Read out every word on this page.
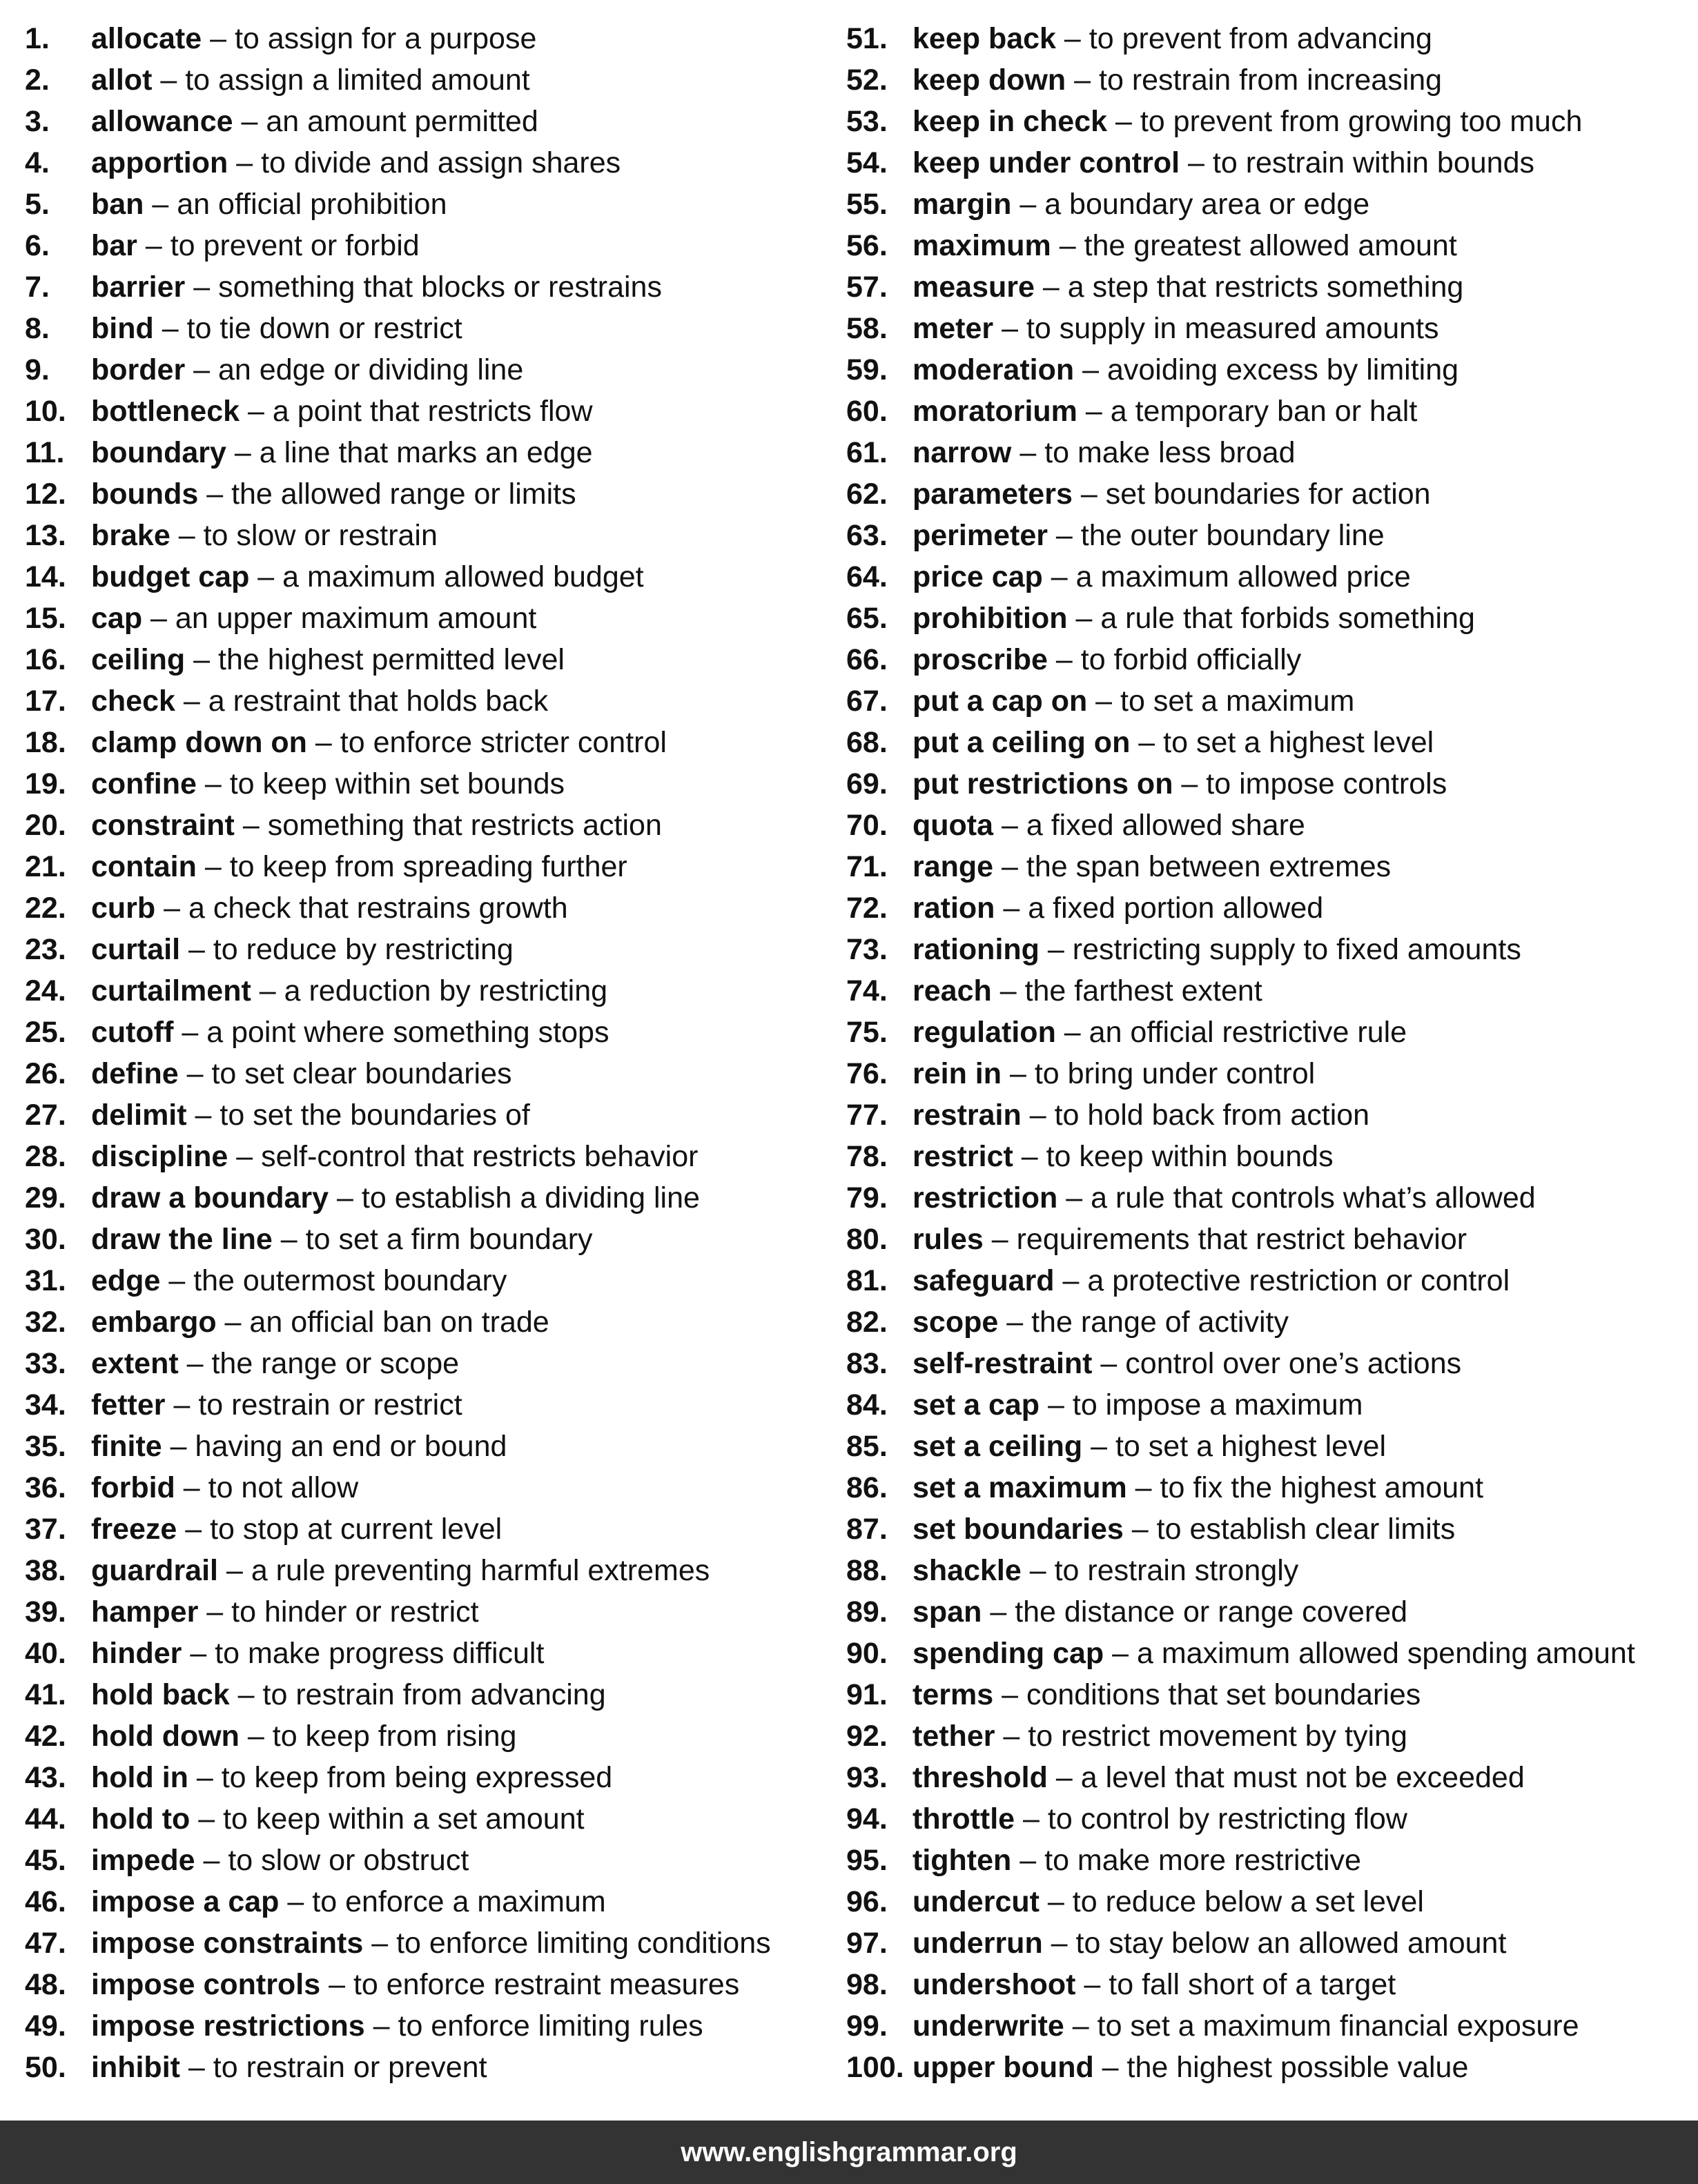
1. allocate – to assign for a purpose
2. allot – to assign a limited amount
3. allowance – an amount permitted
4. apportion – to divide and assign shares
5. ban – an official prohibition
6. bar – to prevent or forbid
7. barrier – something that blocks or restrains
8. bind – to tie down or restrict
9. border – an edge or dividing line
10. bottleneck – a point that restricts flow
11. boundary – a line that marks an edge
12. bounds – the allowed range or limits
13. brake – to slow or restrain
14. budget cap – a maximum allowed budget
15. cap – an upper maximum amount
16. ceiling – the highest permitted level
17. check – a restraint that holds back
18. clamp down on – to enforce stricter control
19. confine – to keep within set bounds
20. constraint – something that restricts action
21. contain – to keep from spreading further
22. curb – a check that restrains growth
23. curtail – to reduce by restricting
24. curtailment – a reduction by restricting
25. cutoff – a point where something stops
26. define – to set clear boundaries
27. delimit – to set the boundaries of
28. discipline – self-control that restricts behavior
29. draw a boundary – to establish a dividing line
30. draw the line – to set a firm boundary
31. edge – the outermost boundary
32. embargo – an official ban on trade
33. extent – the range or scope
34. fetter – to restrain or restrict
35. finite – having an end or bound
36. forbid – to not allow
37. freeze – to stop at current level
38. guardrail – a rule preventing harmful extremes
39. hamper – to hinder or restrict
40. hinder – to make progress difficult
41. hold back – to restrain from advancing
42. hold down – to keep from rising
43. hold in – to keep from being expressed
44. hold to – to keep within a set amount
45. impede – to slow or obstruct
46. impose a cap – to enforce a maximum
47. impose constraints – to enforce limiting conditions
48. impose controls – to enforce restraint measures
49. impose restrictions – to enforce limiting rules
50. inhibit – to restrain or prevent
51. keep back – to prevent from advancing
52. keep down – to restrain from increasing
53. keep in check – to prevent from growing too much
54. keep under control – to restrain within bounds
55. margin – a boundary area or edge
56. maximum – the greatest allowed amount
57. measure – a step that restricts something
58. meter – to supply in measured amounts
59. moderation – avoiding excess by limiting
60. moratorium – a temporary ban or halt
61. narrow – to make less broad
62. parameters – set boundaries for action
63. perimeter – the outer boundary line
64. price cap – a maximum allowed price
65. prohibition – a rule that forbids something
66. proscribe – to forbid officially
67. put a cap on – to set a maximum
68. put a ceiling on – to set a highest level
69. put restrictions on – to impose controls
70. quota – a fixed allowed share
71. range – the span between extremes
72. ration – a fixed portion allowed
73. rationing – restricting supply to fixed amounts
74. reach – the farthest extent
75. regulation – an official restrictive rule
76. rein in – to bring under control
77. restrain – to hold back from action
78. restrict – to keep within bounds
79. restriction – a rule that controls what’s allowed
80. rules – requirements that restrict behavior
81. safeguard – a protective restriction or control
82. scope – the range of activity
83. self-restraint – control over one’s actions
84. set a cap – to impose a maximum
85. set a ceiling – to set a highest level
86. set a maximum – to fix the highest amount
87. set boundaries – to establish clear limits
88. shackle – to restrain strongly
89. span – the distance or range covered
90. spending cap – a maximum allowed spending amount
91. terms – conditions that set boundaries
92. tether – to restrict movement by tying
93. threshold – a level that must not be exceeded
94. throttle – to control by restricting flow
95. tighten – to make more restrictive
96. undercut – to reduce below a set level
97. underrun – to stay below an allowed amount
98. undershoot – to fall short of a target
99. underwrite – to set a maximum financial exposure
100. upper bound – the highest possible value
www.englishgrammar.org
